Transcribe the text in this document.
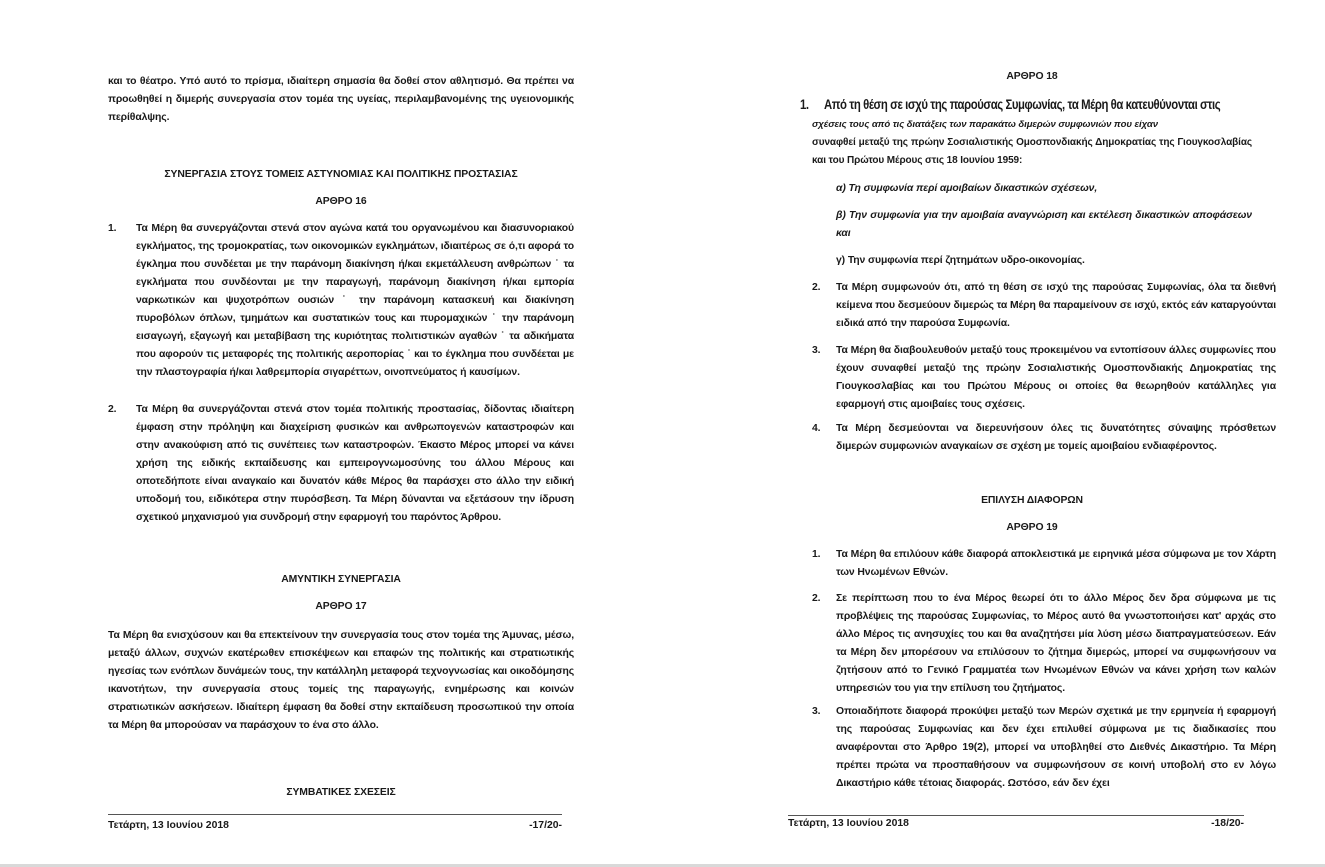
και το θέατρο. Υπό αυτό το πρίσμα, ιδιαίτερη σημασία θα δοθεί στον αθλητισμό. Θα πρέπει να προωθηθεί η διμερής συνεργασία στον τομέα της υγείας, περιλαμβανομένης της υγειονομικής περίθαλψης.

ΣΥΝΕΡΓΑΣΙΑ ΣΤΟΥΣ ΤΟΜΕΙΣ ΑΣΤΥΝΟΜΙΑΣ ΚΑΙ ΠΟΛΙΤΙΚΗΣ ΠΡΟΣΤΑΣΙΑΣ
ΑΡΘΡΟ 16
1. Τα Μέρη θα συνεργάζονται στενά στον αγώνα κατά του οργανωμένου και διασυνοριακού εγκλήματος, της τρομοκρατίας, των οικονομικών εγκλημάτων, ιδιαιτέρως σε ό,τι αφορά το έγκλημα που συνδέεται με την παράνομη διακίνηση ή/και εκμετάλλευση ανθρώπων ˙ τα εγκλήματα που συνδέονται με την παραγωγή, παράνομη διακίνηση ή/και εμπορία ναρκωτικών και ψυχοτρόπων ουσιών ˙ την παράνομη κατασκευή και διακίνηση πυροβόλων όπλων, τμημάτων και συστατικών τους και πυρομαχικών ˙ την παράνομη εισαγωγή, εξαγωγή και μεταβίβαση της κυριότητας πολιτιστικών αγαθών ˙ τα αδικήματα που αφορούν τις μεταφορές της πολιτικής αεροπορίας ˙ και το έγκλημα που συνδέεται με την πλαστογραφία ή/και λαθρεμπορία σιγαρέττων, οινοπνεύματος ή καυσίμων.

2. Τα Μέρη θα συνεργάζονται στενά στον τομέα πολιτικής προστασίας, δίδοντας ιδιαίτερη έμφαση στην πρόληψη και διαχείριση φυσικών και ανθρωπογενών καταστροφών και στην ανακούφιση από τις συνέπειες των καταστροφών. Έκαστο Μέρος μπορεί να κάνει χρήση της ειδικής εκπαίδευσης και εμπειρογνωμοσύνης του άλλου Μέρους και οποτεδήποτε είναι αναγκαίο και δυνατόν κάθε Μέρος θα παράσχει στο άλλο την ειδική υποδομή του, ειδικότερα στην πυρόσβεση. Τα Μέρη δύνανται να εξετάσουν την ίδρυση σχετικού μηχανισμού για συνδρομή στην εφαρμογή του παρόντος Άρθρου.

ΑΜΥΝΤΙΚΗ ΣΥΝΕΡΓΑΣΙΑ
ΑΡΘΡΟ 17

Τα Μέρη θα ενισχύσουν και θα επεκτείνουν την συνεργασία τους στον τομέα της Άμυνας, μέσω, μεταξύ άλλων, συχνών εκατέρωθεν επισκέψεων και επαφών της πολιτικής και στρατιωτικής ηγεσίας των ενόπλων δυνάμεών τους, την κατάλληλη μεταφορά τεχνογνωσίας και οικοδόμησης ικανοτήτων, την συνεργασία στους τομείς της παραγωγής, ενημέρωσης και κοινών στρατιωτικών ασκήσεων. Ιδιαίτερη έμφαση θα δοθεί στην εκπαίδευση προσωπικού την οποία τα Μέρη θα μπορούσαν να παράσχουν το ένα στο άλλο.

ΣΥΜΒΑΤΙΚΕΣ ΣΧΕΣΕΙΣ
Τετάρτη, 13 Ιουνίου 2018	-17/20-
ΑΡΘΡΟ 18
1. Από τη θέση σε ισχύ της παρούσας Συμφωνίας, τα Μέρη θα κατευθύνονται στις

σχέσεις τους από τις διατάξεις των παρακάτω διμερών συμφωνιών που είχαν

συναφθεί μεταξύ της πρώην Σοσιαλιστικής Ομοσπονδιακής Δημοκρατίας της Γιουγκοσλαβίας και του Πρώτου Μέρους στις 18 Ιουνίου 1959:

α) Τη συμφωνία περί αμοιβαίων δικαστικών σχέσεων,

β) Την συμφωνία για την αμοιβαία αναγνώριση και εκτέλεση δικαστικών αποφάσεων και

γ) Την συμφωνία περί ζητημάτων υδρο-οικονομίας.

2. Τα Μέρη συμφωνούν ότι, από τη θέση σε ισχύ της παρούσας Συμφωνίας, όλα τα διεθνή κείμενα που δεσμεύουν διμερώς τα Μέρη θα παραμείνουν σε ισχύ, εκτός εάν καταργούνται ειδικά από την παρούσα Συμφωνία.

3. Τα Μέρη θα διαβουλευθούν μεταξύ τους προκειμένου να εντοπίσουν άλλες συμφωνίες που έχουν συναφθεί μεταξύ της πρώην Σοσιαλιστικής Ομοσπονδιακής Δημοκρατίας της Γιουγκοσλαβίας και του Πρώτου Μέρους οι οποίες θα θεωρηθούν κατάλληλες για εφαρμογή στις αμοιβαίες τους σχέσεις.

4. Τα Μέρη δεσμεύονται να διερευνήσουν όλες τις δυνατότητες σύναψης πρόσθετων διμερών συμφωνιών αναγκαίων σε σχέση με τομείς αμοιβαίου ενδιαφέροντος.

ΕΠΙΛΥΣΗ ΔΙΑΦΟΡΩΝ
ΑΡΘΡΟ 19
1. Τα Μέρη θα επιλύουν κάθε διαφορά αποκλειστικά με ειρηνικά μέσα σύμφωνα με τον Χάρτη των Ηνωμένων Εθνών.

2. Σε περίπτωση που το ένα Μέρος θεωρεί ότι το άλλο Μέρος δεν δρα σύμφωνα με τις προβλέψεις της παρούσας Συμφωνίας, το Μέρος αυτό θα γνωστοποιήσει κατ' αρχάς στο άλλο Μέρος τις ανησυχίες του και θα αναζητήσει μία λύση μέσω διαπραγματεύσεων. Εάν τα Μέρη δεν μπορέσουν να επιλύσουν το ζήτημα διμερώς, μπορεί να συμφωνήσουν να ζητήσουν από το Γενικό Γραμματέα των Ηνωμένων Εθνών να κάνει χρήση των καλών υπηρεσιών του για την επίλυση του ζητήματος.

3. Οποιαδήποτε διαφορά προκύψει μεταξύ των Μερών σχετικά με την ερμηνεία ή εφαρμογή της παρούσας Συμφωνίας και δεν έχει επιλυθεί σύμφωνα με τις διαδικασίες που αναφέρονται στο Άρθρο 19(2), μπορεί να υποβληθεί στο Διεθνές Δικαστήριο. Τα Μέρη πρέπει πρώτα να προσπαθήσουν να συμφωνήσουν σε κοινή υποβολή στο εν λόγω Δικαστήριο κάθε τέτοιας διαφοράς. Ωστόσο, εάν δεν έχει

Τετάρτη, 13 Ιουνίου 2018	-18/20-
